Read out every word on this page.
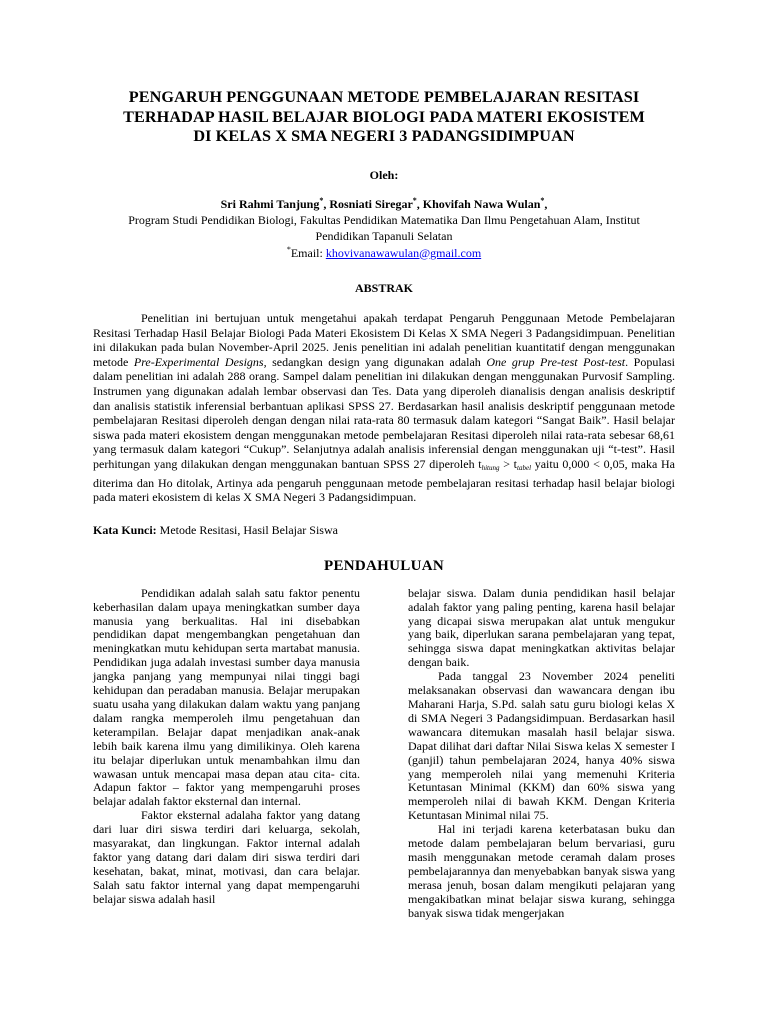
PENGARUH PENGGUNAAN METODE PEMBELAJARAN RESITASI
TERHADAP HASIL BELAJAR BIOLOGI PADA MATERI EKOSISTEM
DI KELAS X SMA NEGERI 3 PADANGSIDIMPUAN

Oleh:

Sri Rahmi Tanjung*, Rosniati Siregar*, Khovifah Nawa Wulan*,

Program Studi Pendidikan Biologi, Fakultas Pendidikan Matematika Dan Ilmu Pengetahuan Alam, Institut
Pendidikan Tapanuli Selatan

*Email: khovivanawawulan@gmail.com

ABSTRAK

Penelitian ini bertujuan untuk mengetahui apakah terdapat Pengaruh Penggunaan Metode Pembelajaran Resitasi Terhadap Hasil Belajar Biologi Pada Materi Ekosistem Di Kelas X SMA Negeri 3 Padangsidimpuan. Penelitian ini dilakukan pada bulan November-April 2025. Jenis penelitian ini adalah penelitian kuantitatif dengan menggunakan metode Pre-Experimental Designs, sedangkan design yang digunakan adalah One grup Pre-test Post-test. Populasi dalam penelitian ini adalah 288 orang. Sampel dalam penelitian ini dilakukan dengan menggunakan Purvosif Sampling. Instrumen yang digunakan adalah lembar observasi dan Tes. Data yang diperoleh dianalisis dengan analisis deskriptif dan analisis statistik inferensial berbantuan aplikasi SPSS 27. Berdasarkan hasil analisis deskriptif penggunaan metode pembelajaran Resitasi diperoleh dengan dengan nilai rata-rata 80 termasuk dalam kategori “Sangat Baik”. Hasil belajar siswa pada materi ekosistem dengan menggunakan metode pembelajaran Resitasi diperoleh nilai rata-rata sebesar 68,61 yang termasuk dalam kategori “Cukup”. Selanjutnya adalah analisis inferensial dengan menggunakan uji “t-test”. Hasil perhitungan yang dilakukan dengan menggunakan bantuan SPSS 27 diperoleh $t_{hitung} > t_{tabel}$ yaitu 0,000 < 0,05, maka Ha diterima dan Ho ditolak, Artinya ada pengaruh penggunaan metode pembelajaran resitasi terhadap hasil belajar biologi pada materi ekosistem di kelas X SMA Negeri 3 Padangsidimpuan.

Kata Kunci: Metode Resitasi, Hasil Belajar Siswa

PENDAHULUAN

Pendidikan adalah salah satu faktor penentu keberhasilan dalam upaya meningkatkan sumber daya manusia yang berkualitas. Hal ini disebabkan pendidikan dapat mengembangkan pengetahuan dan meningkatkan mutu kehidupan serta martabat manusia. Pendidikan juga adalah investasi sumber daya manusia jangka panjang yang mempunyai nilai tinggi bagi kehidupan dan peradaban manusia. Belajar merupakan suatu usaha yang dilakukan dalam waktu yang panjang dalam rangka memperoleh ilmu pengetahuan dan keterampilan. Belajar dapat menjadikan anak-anak lebih baik karena ilmu yang dimilikinya. Oleh karena itu belajar diperlukan untuk menambahkan ilmu dan wawasan untuk mencapai masa depan atau cita- cita. Adapun faktor – faktor yang mempengaruhi proses belajar adalah faktor eksternal dan internal.

Faktor eksternal adalaha faktor yang datang dari luar diri siswa terdiri dari keluarga, sekolah, masyarakat, dan lingkungan. Faktor internal adalah faktor yang datang dari dalam diri siswa terdiri dari kesehatan, bakat, minat, motivasi, dan cara belajar. Salah satu faktor internal yang dapat mempengaruhi belajar siswa adalah hasil

belajar siswa. Dalam dunia pendidikan hasil belajar adalah faktor yang paling penting, karena hasil belajar yang dicapai siswa merupakan alat untuk mengukur yang baik, diperlukan sarana pembelajaran yang tepat, sehingga siswa dapat meningkatkan aktivitas belajar dengan baik.

Pada tanggal 23 November 2024 peneliti melaksanakan observasi dan wawancara dengan ibu Maharani Harja, S.Pd. salah satu guru biologi kelas X di SMA Negeri 3 Padangsidimpuan. Berdasarkan hasil wawancara ditemukan masalah hasil belajar siswa. Dapat dilihat dari daftar Nilai Siswa kelas X semester I (ganjil) tahun pembelajaran 2024, hanya 40% siswa yang memperoleh nilai yang memenuhi Kriteria Ketuntasan Minimal (KKM) dan 60% siswa yang memperoleh nilai di bawah KKM. Dengan Kriteria Ketuntasan Minimal nilai 75.

Hal ini terjadi karena keterbatasan buku dan metode dalam pembelajaran belum bervariasi, guru masih menggunakan metode ceramah dalam proses pembelajarannya dan menyebabkan banyak siswa yang merasa jenuh, bosan dalam mengikuti pelajaran yang mengakibatkan minat belajar siswa kurang, sehingga banyak siswa tidak mengerjakan
